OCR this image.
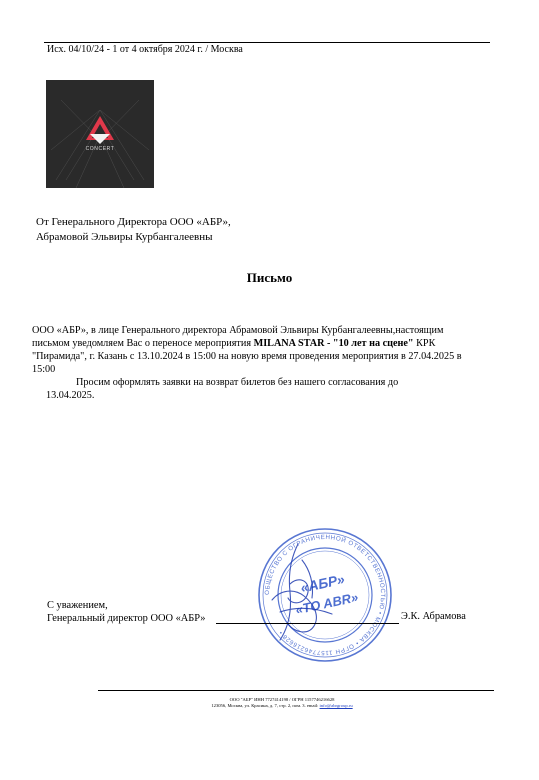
Исх. 04/10/24 - 1 от 4 октября 2024 г. / Москва
CONCERT
От Генерального Директора ООО «АБР»,
Абрамовой Эльвиры Курбангалеевны
Письмо
ООО «АБР», в лице Генерального директора Абрамовой Эльвиры Курбангалеевны,настоящим письмом уведомляем Вас о переносе мероприятия MILANA STAR - "10 лет на сцене" КРК "Пирамида", г. Казань с 13.10.2024 в 15:00 на новую время проведения мероприятия в 27.04.2025 в 15:00
Просим оформлять заявки на возврат билетов без нашего согласования до
13.04.2025.
ОБЩЕСТВО С ОГРАНИЧЕННОЙ ОТВЕТСТВЕННОСТЬЮ • МОСКВА • ОГРН 1157746216628 •
«АБР»
«TO ABR»
С уважением,
Генеральный директор ООО «АБР»	Э.К. Абрамова
ООО "АБР" ИНН 7727414198 / ОГРН 1157746216628
123056, Москва, ул. Красина, д. 7, стр. 2, пом. 3. email: info@abrgroup.ru
